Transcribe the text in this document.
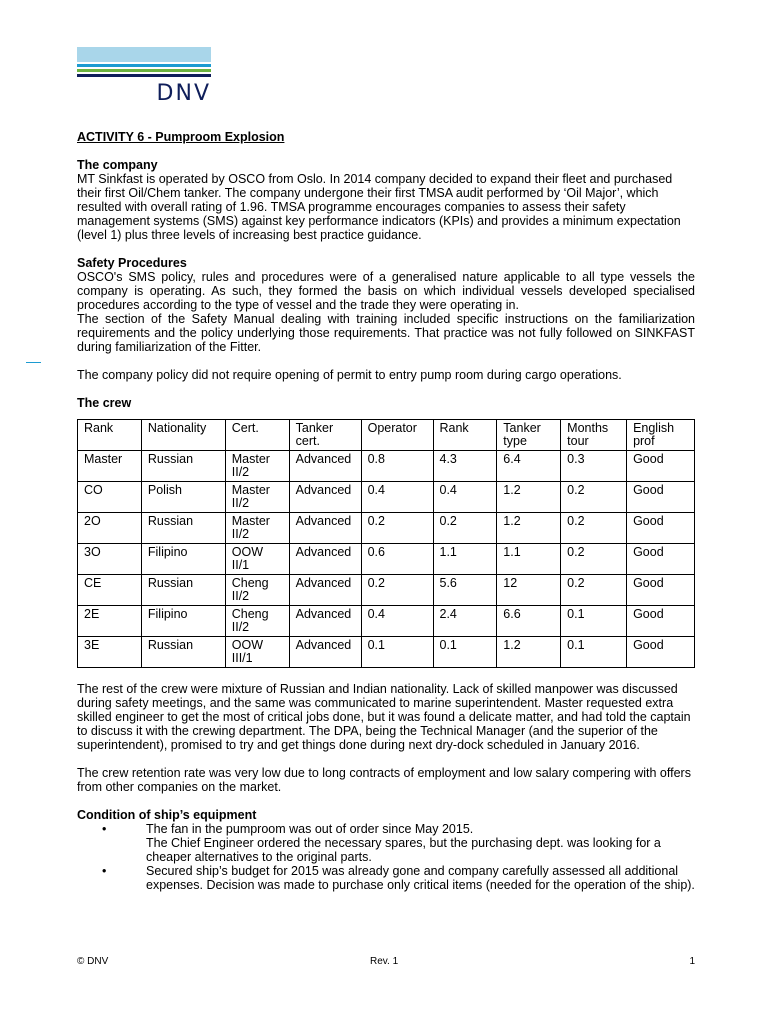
DNV

ACTIVITY 6 - Pumproom Explosion

The company

MT Sinkfast is operated by OSCO from Oslo. In 2014 company decided to expand their fleet and purchased their first Oil/Chem tanker. The company undergone their first TMSA audit performed by ‘Oil Major’, which resulted with overall rating of 1.96. TMSA programme encourages companies to assess their safety management systems (SMS) against key performance indicators (KPIs) and provides a minimum expectation (level 1) plus three levels of increasing best practice guidance.

Safety Procedures

OSCO's SMS policy, rules and procedures were of a generalised nature applicable to all type vessels the company is operating. As such, they formed the basis on which individual vessels developed specialised procedures according to the type of vessel and the trade they were operating in.

The section of the Safety Manual dealing with training included specific instructions on the familiarization requirements and the policy underlying those requirements. That practice was not fully followed on SINKFAST during familiarization of the Fitter.

The company policy did not require opening of permit to entry pump room during cargo operations.

The crew

Rank	Nationality	Cert.	Tanker cert.	Operator	Rank	Tanker type	Months tour	English prof
Master	Russian	Master II/2	Advanced	0.8	4.3	6.4	0.3	Good
CO	Polish	Master II/2	Advanced	0.4	0.4	1.2	0.2	Good
2O	Russian	Master II/2	Advanced	0.2	0.2	1.2	0.2	Good
3O	Filipino	OOW II/1	Advanced	0.6	1.1	1.1	0.2	Good
CE	Russian	Cheng II/2	Advanced	0.2	5.6	12	0.2	Good
2E	Filipino	Cheng II/2	Advanced	0.4	2.4	6.6	0.1	Good
3E	Russian	OOW III/1	Advanced	0.1	0.1	1.2	0.1	Good

The rest of the crew were mixture of Russian and Indian nationality. Lack of skilled manpower was discussed during safety meetings, and the same was communicated to marine superintendent. Master requested extra skilled engineer to get the most of critical jobs done, but it was found a delicate matter, and had told the captain to discuss it with the crewing department. The DPA, being the Technical Manager (and the superior of the superintendent), promised to try and get things done during next dry-dock scheduled in January 2016.

The crew retention rate was very low due to long contracts of employment and low salary compering with offers from other companies on the market.

Condition of ship’s equipment

•	The fan in the pumproom was out of order since May 2015.
The Chief Engineer ordered the necessary spares, but the purchasing dept. was looking for a cheaper alternatives to the original parts.
•	Secured ship’s budget for 2015 was already gone and company carefully assessed all additional expenses. Decision was made to purchase only critical items (needed for the operation of the ship).
© DNV	Rev. 1	1
